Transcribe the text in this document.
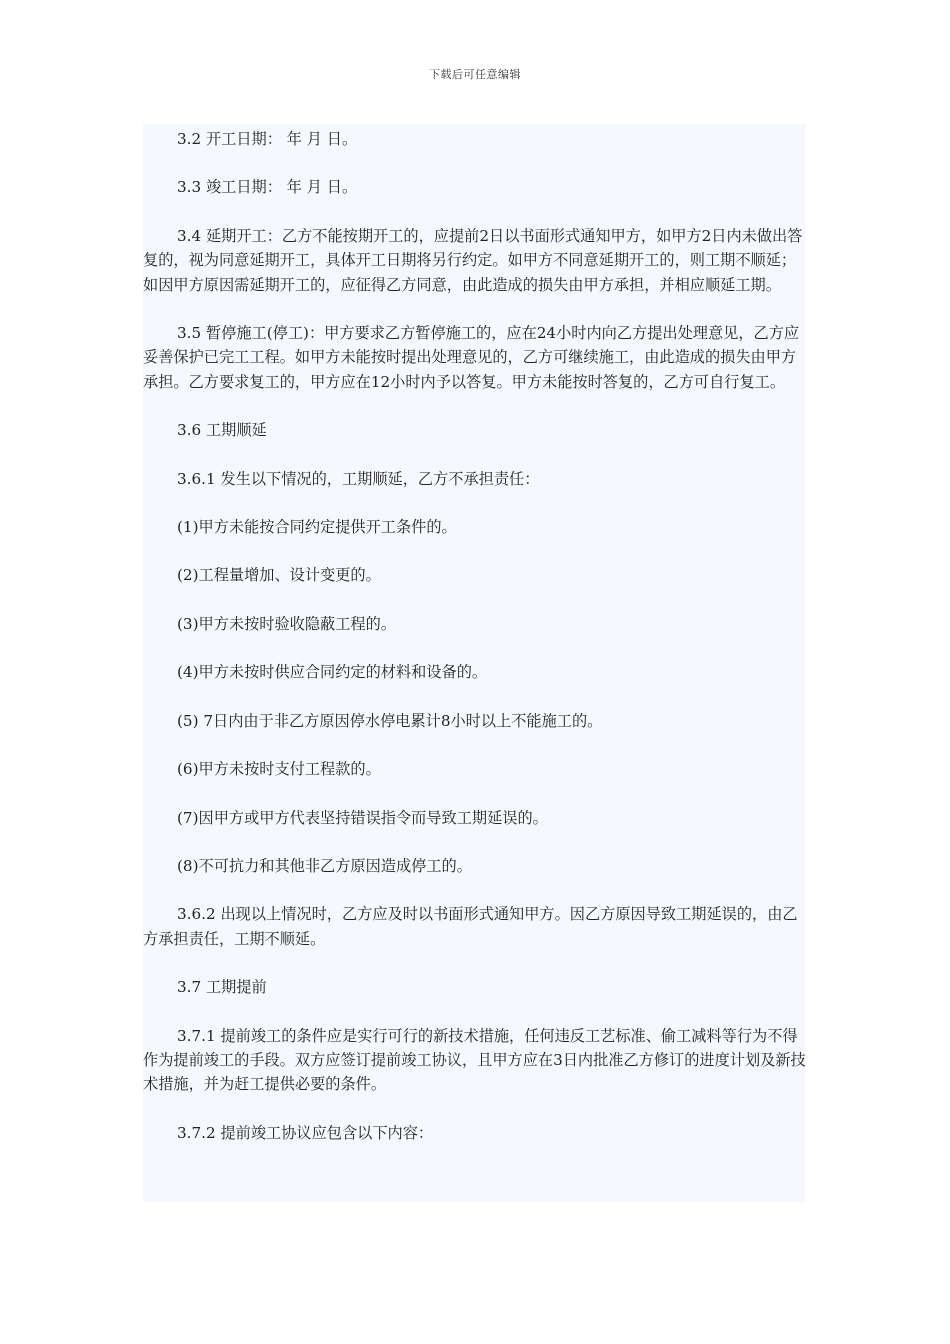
下载后可任意编辑

3.2 开工日期： 年 月 日。

3.3 竣工日期： 年 月 日。

3.4 延期开工：乙方不能按期开工的，应提前2日以书面形式通知甲方，如甲方2日内未做出答复的，视为同意延期开工，具体开工日期将另行约定。如甲方不同意延期开工的，则工期不顺延；如因甲方原因需延期开工的，应征得乙方同意，由此造成的损失由甲方承担，并相应顺延工期。

3.5 暂停施工(停工)：甲方要求乙方暂停施工的，应在24小时内向乙方提出处理意见，乙方应妥善保护已完工工程。如甲方未能按时提出处理意见的，乙方可继续施工，由此造成的损失由甲方承担。乙方要求复工的，甲方应在12小时内予以答复。甲方未能按时答复的，乙方可自行复工。

3.6 工期顺延

3.6.1 发生以下情况的，工期顺延，乙方不承担责任：

(1)甲方未能按合同约定提供开工条件的。

(2)工程量增加、设计变更的。

(3)甲方未按时验收隐蔽工程的。

(4)甲方未按时供应合同约定的材料和设备的。

(5) 7日内由于非乙方原因停水停电累计8小时以上不能施工的。

(6)甲方未按时支付工程款的。

(7)因甲方或甲方代表坚持错误指令而导致工期延误的。

(8)不可抗力和其他非乙方原因造成停工的。

3.6.2 出现以上情况时，乙方应及时以书面形式通知甲方。因乙方原因导致工期延误的，由乙方承担责任，工期不顺延。

3.7 工期提前

3.7.1 提前竣工的条件应是实行可行的新技术措施，任何违反工艺标准、偷工减料等行为不得作为提前竣工的手段。双方应签订提前竣工协议，且甲方应在3日内批准乙方修订的进度计划及新技术措施，并为赶工提供必要的条件。

3.7.2 提前竣工协议应包含以下内容：
